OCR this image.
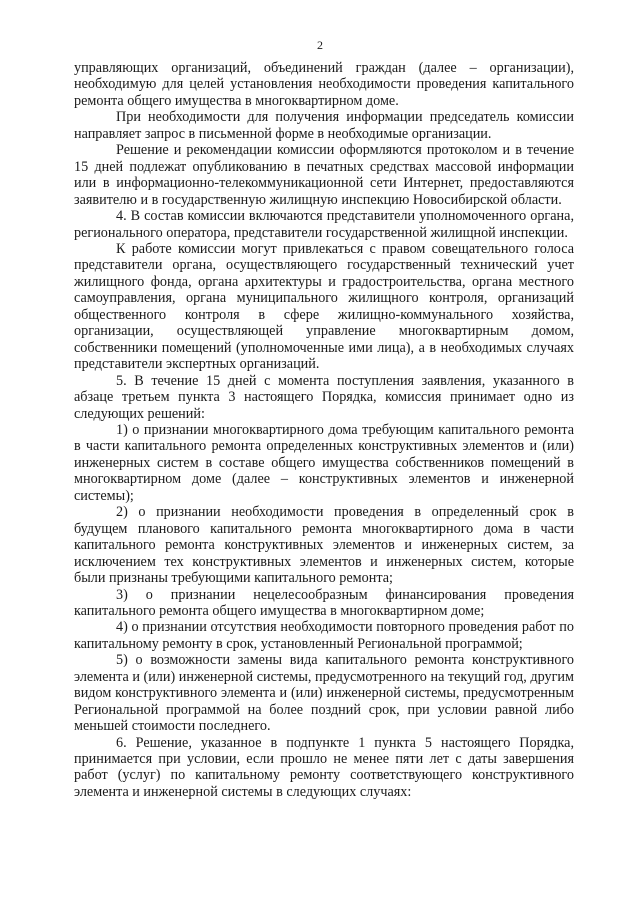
2

управляющих организаций, объединений граждан (далее – организации), необходимую для целей установления необходимости проведения капитального ремонта общего имущества в многоквартирном доме.

При необходимости для получения информации председатель комиссии направляет запрос в письменной форме в необходимые организации.

Решение и рекомендации комиссии оформляются протоколом и в течение 15 дней подлежат опубликованию в печатных средствах массовой информации или в информационно-телекоммуникационной сети Интернет, предоставляются заявителю и в государственную жилищную инспекцию Новосибирской области.

4. В состав комиссии включаются представители уполномоченного органа, регионального оператора, представители государственной жилищной инспекции.

К работе комиссии могут привлекаться с правом совещательного голоса представители органа, осуществляющего государственный технический учет жилищного фонда, органа архитектуры и градостроительства, органа местного самоуправления, органа муниципального жилищного контроля, организаций общественного контроля в сфере жилищно-коммунального хозяйства, организации, осуществляющей управление многоквартирным домом, собственники помещений (уполномоченные ими лица), а в необходимых случаях представители экспертных организаций.

5. В течение 15 дней с момента поступления заявления, указанного в абзаце третьем пункта 3 настоящего Порядка, комиссия принимает одно из следующих решений:

1) о признании многоквартирного дома требующим капитального ремонта в части капитального ремонта определенных конструктивных элементов и (или) инженерных систем в составе общего имущества собственников помещений в многоквартирном доме (далее – конструктивных элементов и инженерной системы);

2) о признании необходимости проведения в определенный срок в будущем планового капитального ремонта многоквартирного дома в части капитального ремонта конструктивных элементов и инженерных систем, за исключением тех конструктивных элементов и инженерных систем, которые были признаны требующими капитального ремонта;

3) о признании нецелесообразным финансирования проведения капитального ремонта общего имущества в многоквартирном доме;

4) о признании отсутствия необходимости повторного проведения работ по капитальному ремонту в срок, установленный Региональной программой;

5) о возможности замены вида капитального ремонта конструктивного элемента и (или) инженерной системы, предусмотренного на текущий год, другим видом конструктивного элемента и (или) инженерной системы, предусмотренным Региональной программой на более поздний срок, при условии равной либо меньшей стоимости последнего.

6. Решение, указанное в подпункте 1 пункта 5 настоящего Порядка, принимается при условии, если прошло не менее пяти лет с даты завершения работ (услуг) по капитальному ремонту соответствующего конструктивного элемента и инженерной системы в следующих случаях:
